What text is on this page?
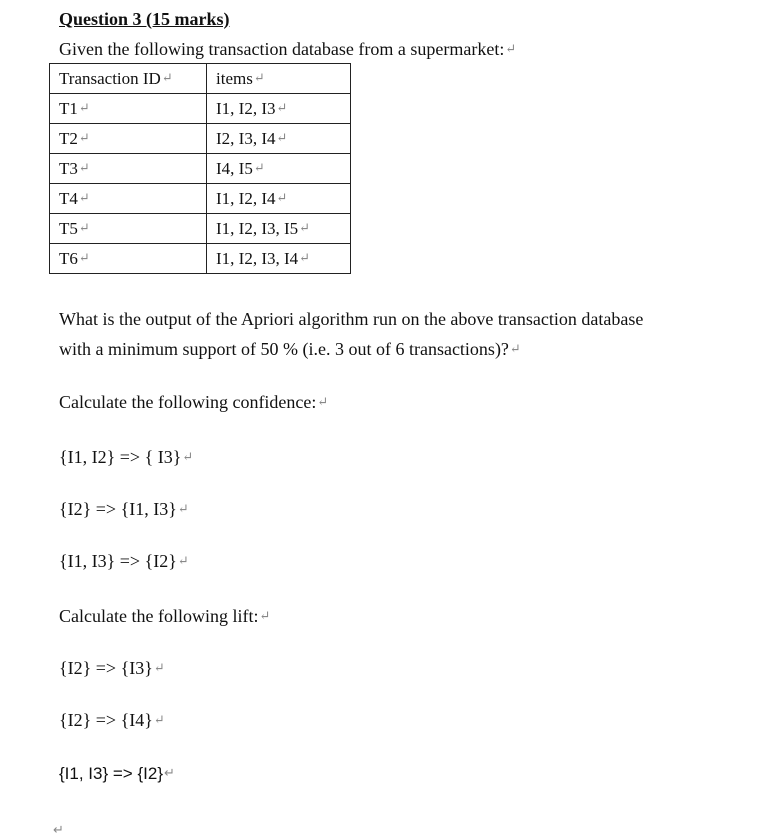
Question 3 (15 marks)
Given the following transaction database from a supermarket:↵
Transaction ID↵	items↵
T1↵	I1, I2, I3↵
T2↵	I2, I3, I4↵
T3↵	I4, I5↵
T4↵	I1, I2, I4↵
T5↵	I1, I2, I3, I5↵
T6↵	I1, I2, I3, I4↵
What is the output of the Apriori algorithm run on the above transaction database
with a minimum support of 50 % (i.e. 3 out of 6 transactions)?↵
Calculate the following confidence:↵
{I1, I2} => { I3}↵
{I2} => {I1, I3}↵
{I1, I3} => {I2}↵
Calculate the following lift:↵
{I2} => {I3}↵
{I2} => {I4}↵
{I1, I3} => {I2}↵
↵
